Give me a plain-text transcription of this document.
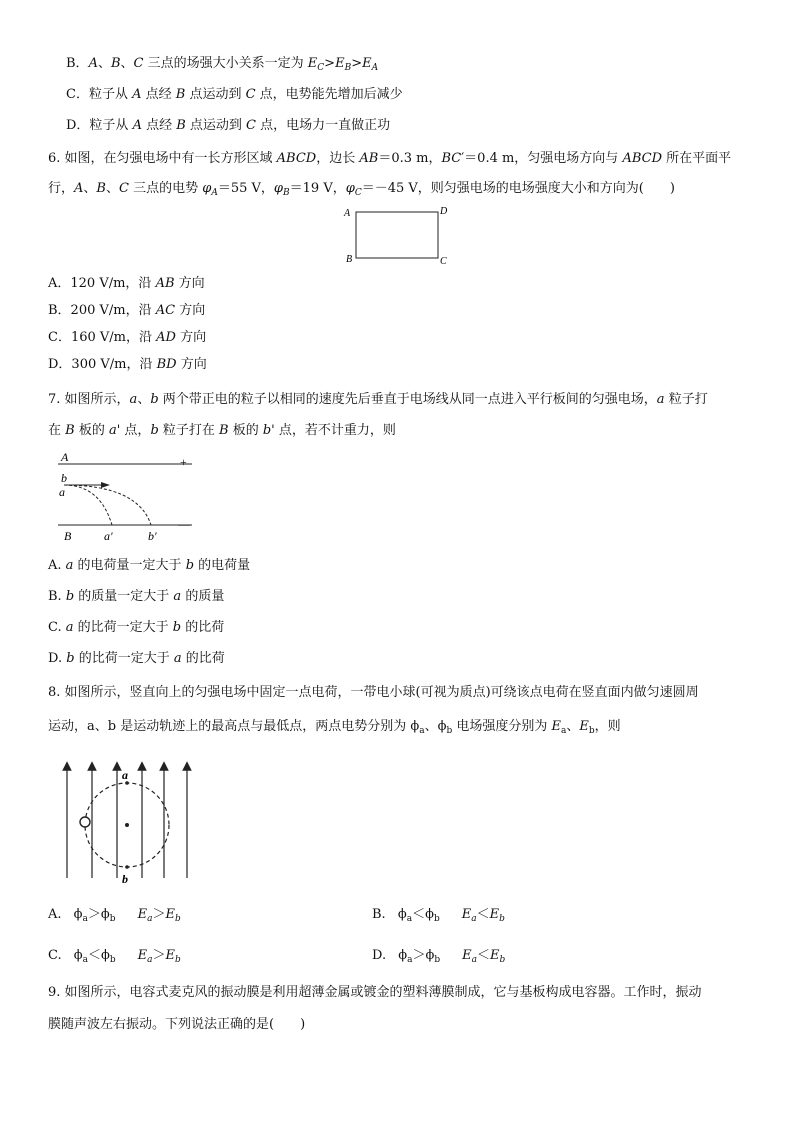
B．A、B、C 三点的场强大小关系一定为 $E_C>E_B>E_A$
C．粒子从 A 点经 B 点运动到 C 点，电势能先增加后减少
D．粒子从 A 点经 B 点运动到 C 点，电场力一直做正功
6. 如图，在匀强电场中有一长方形区域 ABCD，边长 AB＝0.3 m，BC′＝0.4 m，匀强电场方向与 ABCD 所在平面平
行，A、B、C 三点的电势 $\varphi_A=55$ V，$\varphi_B=19$ V，$\varphi_C=-45$ V，则匀强电场的电场强度大小和方向为(　　)
A	D
B	C
A．120 V/m，沿 AB 方向
B．200 V/m，沿 AC 方向
C．160 V/m，沿 AD 方向
D．300 V/m，沿 BD 方向
7. 如图所示，a、b 两个带正电的粒子以相同的速度先后垂直于电场线从同一点进入平行板间的匀强电场，a 粒子打
在 B 板的 a' 点，b 粒子打在 B 板的 b' 点，若不计重力，则
A	+
b
a
B	a'	b'
—
A. a 的电荷量一定大于 b 的电荷量
B. b 的质量一定大于 a 的质量
C. a 的比荷一定大于 b 的比荷
D. b 的比荷一定大于 a 的比荷
8. 如图所示，竖直向上的匀强电场中固定一点电荷，一带电小球(可视为质点)可绕该点电荷在竖直面内做匀速圆周
运动，a、b 是运动轨迹上的最高点与最低点，两点电势分别为 $\phi_a$、$\phi_b$ 电场强度分别为 $E_a$、$E_b$，则
a
b
A. $\phi_a>\phi_b$ $E_a>E_b$	B. $\phi_a<\phi_b$ $E_a<E_b$
C. $\phi_a<\phi_b$ $E_a>E_b$	D. $\phi_a>\phi_b$ $E_a<E_b$
9. 如图所示，电容式麦克风的振动膜是利用超薄金属或镀金的塑料薄膜制成，它与基板构成电容器。工作时，振动
膜随声波左右振动。下列说法正确的是(　　)
